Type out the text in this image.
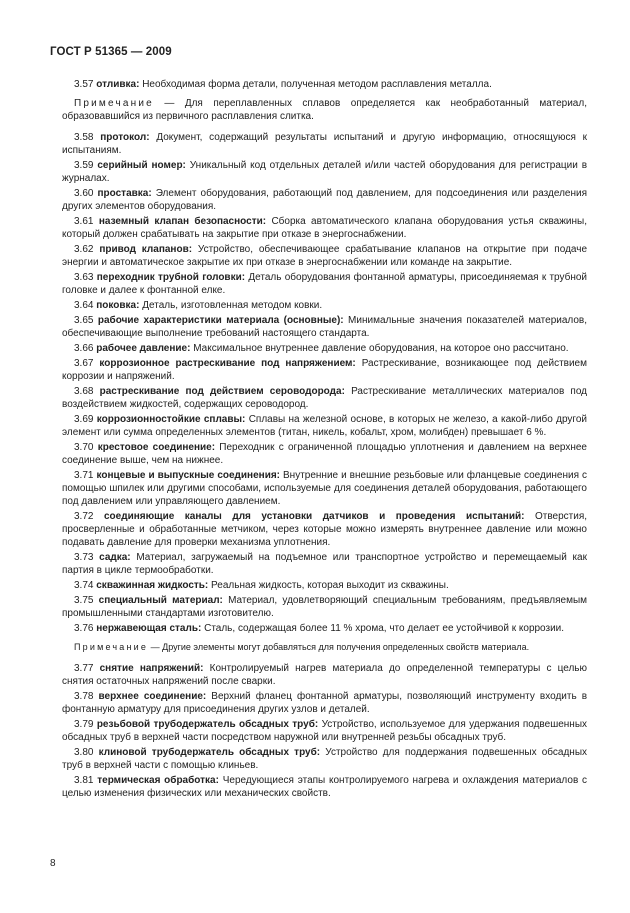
ГОСТ Р 51365 — 2009

3.57 отливка: Необходимая форма детали, полученная методом расплавления металла.

Примечание — Для переплавленных сплавов определяется как необработанный материал, образовавшийся из первичного расплавления слитка.

3.58 протокол: Документ, содержащий результаты испытаний и другую информацию, относящуюся к испытаниям.

3.59 серийный номер: Уникальный код отдельных деталей и/или частей оборудования для регистрации в журналах.

3.60 проставка: Элемент оборудования, работающий под давлением, для подсоединения или разделения других элементов оборудования.

3.61 наземный клапан безопасности: Сборка автоматического клапана оборудования устья скважины, который должен срабатывать на закрытие при отказе в энергоснабжении.

3.62 привод клапанов: Устройство, обеспечивающее срабатывание клапанов на открытие при подаче энергии и автоматическое закрытие их при отказе в энергоснабжении или команде на закрытие.

3.63 переходник трубной головки: Деталь оборудования фонтанной арматуры, присоединяемая к трубной головке и далее к фонтанной елке.

3.64 поковка: Деталь, изготовленная методом ковки.

3.65 рабочие характеристики материала (основные): Минимальные значения показателей материалов, обеспечивающие выполнение требований настоящего стандарта.

3.66 рабочее давление: Максимальное внутреннее давление оборудования, на которое оно рассчитано.

3.67 коррозионное растрескивание под напряжением: Растрескивание, возникающее под действием коррозии и напряжений.

3.68 растрескивание под действием сероводорода: Растрескивание металлических материалов под воздействием жидкостей, содержащих сероводород.

3.69 коррозионностойкие сплавы: Сплавы на железной основе, в которых не железо, а какой-либо другой элемент или сумма определенных элементов (титан, никель, кобальт, хром, молибден) превышает 6 %.

3.70 крестовое соединение: Переходник с ограниченной площадью уплотнения и давлением на верхнее соединение выше, чем на нижнее.

3.71 концевые и выпускные соединения: Внутренние и внешние резьбовые или фланцевые соединения с помощью шпилек или другими способами, используемые для соединения деталей оборудования, работающего под давлением или управляющего давлением.

3.72 соединяющие каналы для установки датчиков и проведения испытаний: Отверстия, просверленные и обработанные метчиком, через которые можно измерять внутреннее давление или можно подавать давление для проверки механизма уплотнения.

3.73 садка: Материал, загружаемый на подъемное или транспортное устройство и перемещаемый как партия в цикле термообработки.

3.74 скважинная жидкость: Реальная жидкость, которая выходит из скважины.

3.75 специальный материал: Материал, удовлетворяющий специальным требованиям, предъявляемым промышленными стандартами изготовителю.

3.76 нержавеющая сталь: Сталь, содержащая более 11 % хрома, что делает ее устойчивой к коррозии.

Примечание — Другие элементы могут добавляться для получения определенных свойств материала.

3.77 снятие напряжений: Контролируемый нагрев материала до определенной температуры с целью снятия остаточных напряжений после сварки.

3.78 верхнее соединение: Верхний фланец фонтанной арматуры, позволяющий инструменту входить в фонтанную арматуру для присоединения других узлов и деталей.

3.79 резьбовой трубодержатель обсадных труб: Устройство, используемое для удержания подвешенных обсадных труб в верхней части посредством наружной или внутренней резьбы обсадных труб.

3.80 клиновой трубодержатель обсадных труб: Устройство для поддержания подвешенных обсадных труб в верхней части с помощью клиньев.

3.81 термическая обработка: Чередующиеся этапы контролируемого нагрева и охлаждения материалов с целью изменения физических или механических свойств.

8
